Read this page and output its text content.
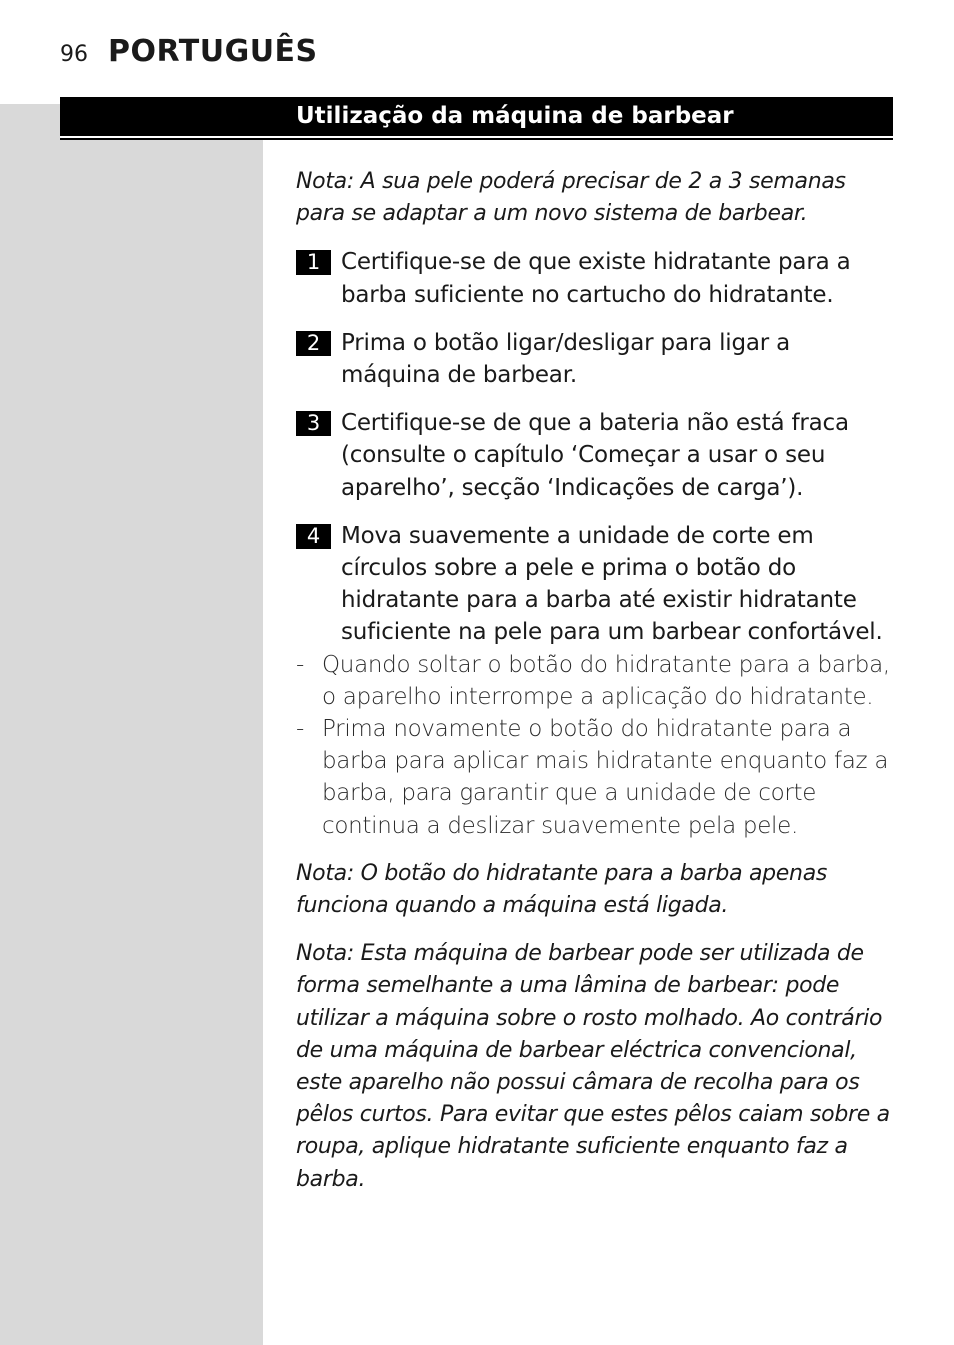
96 PORTUGUÊS
Utilização da máquina de barbear

Nota: A sua pele poderá precisar de 2 a 3 semanas para se adaptar a um novo sistema de barbear.

1 Certifique-se de que existe hidratante para a barba suficiente no cartucho do hidratante.
2 Prima o botão ligar/desligar para ligar a máquina de barbear.
3 Certifique-se de que a bateria não está fraca (consulte o capítulo ‘Começar a usar o seu aparelho’, secção ‘Indicações de carga’).
4 Mova suavemente a unidade de corte em círculos sobre a pele e prima o botão do hidratante para a barba até existir hidratante suficiente na pele para um barbear confortável.
- Quando soltar o botão do hidratante para a barba, o aparelho interrompe a aplicação do hidratante.
- Prima novamente o botão do hidratante para a barba para aplicar mais hidratante enquanto faz a barba, para garantir que a unidade de corte continua a deslizar suavemente pela pele.

Nota: O botão do hidratante para a barba apenas funciona quando a máquina está ligada.

Nota: Esta máquina de barbear pode ser utilizada de forma semelhante a uma lâmina de barbear: pode utilizar a máquina sobre o rosto molhado. Ao contrário de uma máquina de barbear eléctrica convencional, este aparelho não possui câmara de recolha para os pêlos curtos. Para evitar que estes pêlos caiam sobre a roupa, aplique hidratante suficiente enquanto faz a barba.
